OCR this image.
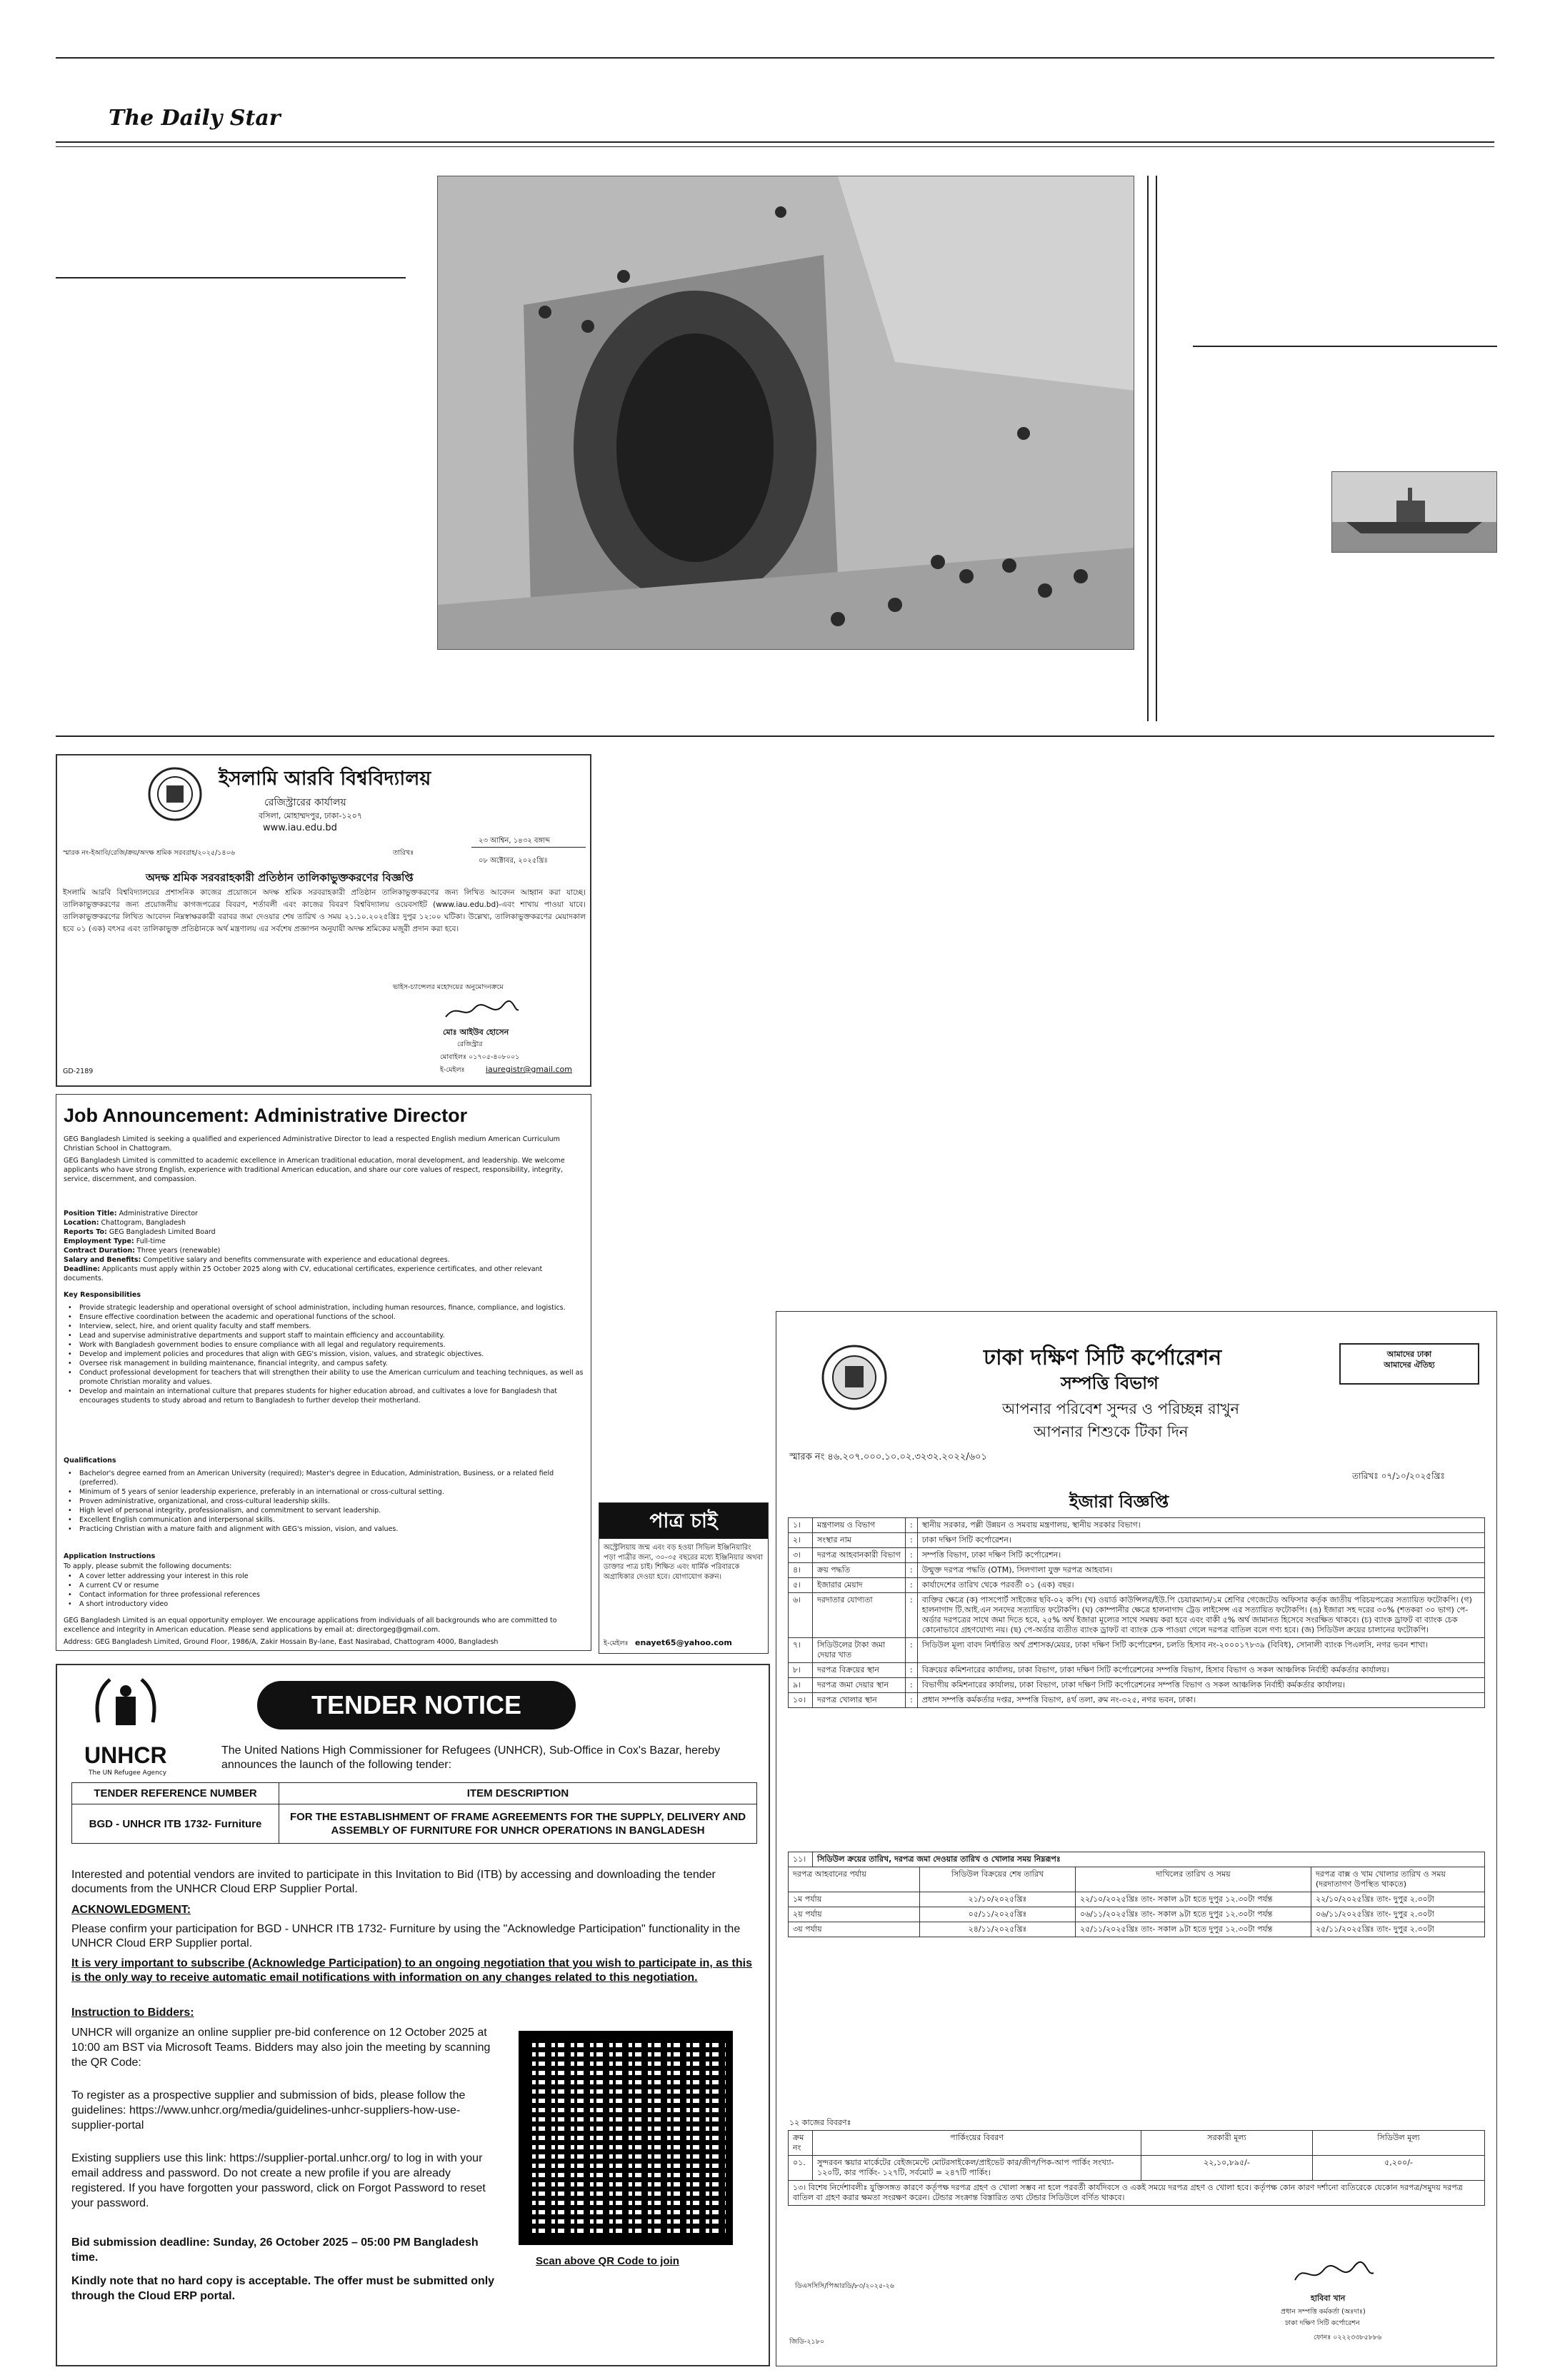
The Daily Star
ইসলামি আরবি বিশ্ববিদ্যালয়
রেজিস্ট্রারের কার্যালয়
বসিলা, মোহাম্মদপুর, ঢাকা-১২০৭
www.iau.edu.bd
২৩ আশ্বিন, ১৪৩২ বঙ্গাব্দ
স্মারক নং-ইআবি/রেজি/ক্রয়/অদক্ষ শ্রমিক সরবরাহ/২০২৫/১৪০৬	তারিখঃ
০৮ অক্টোবর, ২০২৫খ্রিঃ
অদক্ষ শ্রমিক সরবরাহকারী প্রতিষ্ঠান তালিকাভুক্তকরণের বিজ্ঞপ্তি
ইসলামি আরবি বিশ্ববিদ্যালয়ের প্রশাসনিক কাজের প্রয়োজনে অদক্ষ শ্রমিক সরবরাহকারী প্রতিষ্ঠান তালিকাভুক্তকরণের জন্য লিখিত আবেদন আহ্বান করা যাচ্ছে। তালিকাভুক্তকরণের জন্য প্রয়োজনীয় কাগজপত্রের বিবরণ, শর্তাবলী এবং কাজের বিবরণ বিশ্ববিদ্যালয় ওয়েবসাইট (www.iau.edu.bd)-এবং শাখায় পাওয়া যাবে। তালিকাভুক্তকরণের লিখিত আবেদন নিম্নস্বাক্ষরকারী বরাবর জমা দেওয়ার শেষ তারিখ ও সময় ২১.১০.২০২৫খ্রিঃ দুপুর ১২:০০ ঘটিকা। উল্লেখ্য, তালিকাভুক্তকরণের মেয়াদকাল হবে ০১ (এক) বৎসর এবং তালিকাভুক্ত প্রতিষ্ঠানকে অর্থ মন্ত্রণালয় এর সর্বশেষ প্রজ্ঞাপন অনুযায়ী অদক্ষ শ্রমিকের মজুরী প্রদান করা হবে।
ভাইস-চ্যান্সেলর মহোদয়ের অনুমোদনক্রমে
মোঃ আইউব হোসেন
রেজিস্ট্রার
মোবাইলঃ ০১৭০৫-৪০৮০০১
GD-2189	ই-মেইলঃ	iauregistr@gmail.com
Job Announcement: Administrative Director
GEG Bangladesh Limited is seeking a qualified and experienced Administrative Director to lead a respected English medium American Curriculum Christian School in Chattogram.
GEG Bangladesh Limited is committed to academic excellence in American traditional education, moral development, and leadership. We welcome applicants who have strong English, experience with traditional American education, and share our core values of respect, responsibility, integrity, service, discernment, and compassion.
Position Title: Administrative Director
Location: Chattogram, Bangladesh
Reports To: GEG Bangladesh Limited Board
Employment Type: Full-time
Contract Duration: Three years (renewable)
Salary and Benefits: Competitive salary and benefits commensurate with experience and educational degrees.
Deadline: Applicants must apply within 25 October 2025 along with CV, educational certificates, experience certificates, and other relevant documents.
Key Responsibilities
• Provide strategic leadership and operational oversight of school administration, including human resources, finance, compliance, and logistics.
• Ensure effective coordination between the academic and operational functions of the school.
• Interview, select, hire, and orient quality faculty and staff members.
• Lead and supervise administrative departments and support staff to maintain efficiency and accountability.
• Work with Bangladesh government bodies to ensure compliance with all legal and regulatory requirements.
• Develop and implement policies and procedures that align with GEG's mission, vision, values, and strategic objectives.
• Oversee risk management in building maintenance, financial integrity, and campus safety.
• Conduct professional development for teachers that will strengthen their ability to use the American curriculum and teaching techniques, as well as promote Christian morality and values.
• Develop and maintain an international culture that prepares students for higher education abroad, and cultivates a love for Bangladesh that encourages students to study abroad and return to Bangladesh to further develop their motherland.
Qualifications
• Bachelor's degree earned from an American University (required); Master's degree in Education, Administration, Business, or a related field (preferred).
• Minimum of 5 years of senior leadership experience, preferably in an international or cross-cultural setting.
• Proven administrative, organizational, and cross-cultural leadership skills.
• High level of personal integrity, professionalism, and commitment to servant leadership.
• Excellent English communication and interpersonal skills.
• Practicing Christian with a mature faith and alignment with GEG's mission, vision, and values.
Application Instructions
To apply, please submit the following documents:
• A cover letter addressing your interest in this role
• A current CV or resume
• Contact information for three professional references
• A short introductory video
GEG Bangladesh Limited is an equal opportunity employer. We encourage applications from individuals of all backgrounds who are committed to excellence and integrity in American education. Please send applications by email at: directorgeg@gmail.com.
Address: GEG Bangladesh Limited, Ground Floor, 1986/A, Zakir Hossain By-lane, East Nasirabad, Chattogram 4000, Bangladesh
পাত্র চাই
অস্ট্রেলিয়ায় জন্ম এবং বড় হওয়া সিভিল ইঞ্জিনিয়ারিং পড়া পাত্রীর জন্য, ৩০-৩৫ বছরের মধ্যে ইঞ্জিনিয়ার অথবা ডাক্তার পাত্র চাই। শিক্ষিত এবং ধার্মিক পরিবারকে অগ্রাধিকার দেওয়া হবে। যোগাযোগ করুন।
ই-মেইলঃ enayet65@yahoo.com
ঢাকা দক্ষিণ সিটি কর্পোরেশন
সম্পত্তি বিভাগ
আপনার পরিবেশ সুন্দর ও পরিচ্ছন্ন রাখুন
আপনার শিশুকে টিকা দিন
আমাদের ঢাকা
আমাদের ঐতিহ্য
স্মারক নং ৪৬.২০৭.০০০.১০.০২.৩২৩২.২০২২/৬০১
তারিখঃ ০৭/১০/২০২৫খ্রিঃ
ইজারা বিজ্ঞপ্তি
১।	মন্ত্রণালয় ও বিভাগ	:	স্থানীয় সরকার, পল্লী উন্নয়ন ও সমবায় মন্ত্রণালয়, স্থানীয় সরকার বিভাগ।
২।	সংস্থার নাম	:	ঢাকা দক্ষিণ সিটি কর্পোরেশন।
৩।	দরপত্র আহবানকারী বিভাগ	:	সম্পত্তি বিভাগ, ঢাকা দক্ষিণ সিটি কর্পোরেশন।
৪।	ক্রয় পদ্ধতি	:	উন্মুক্ত দরপত্র পদ্ধতি (OTM), সিলগালা যুক্ত দরপত্র আহবান।
৫।	ইজারার মেয়াদ	:	কার্যাদেশের তারিখ থেকে পরবর্তী ০১ (এক) বছর।
৬।	দরদাতার যোগ্যতা	:	ব্যক্তির ক্ষেত্রে (ক) পাসপোর্ট সাইজের ছবি-০২ কপি। (খ) ওয়ার্ড কাউন্সিলর/ইউ.পি চেয়ারম্যান/১ম শ্রেণির গেজেটেড অফিসার কর্তৃক জাতীয় পরিচয়পত্রের সত্যায়িত ফটোকপি। (গ) হালনাগাদ টি.আই.এন সনদের সত্যায়িত ফটোকপি। (ঘ) কোম্পানীর ক্ষেত্রে হালনাগাদ ট্রেড লাইসেন্স এর সত্যায়িত ফটোকপি। (ঙ) ইজারা সহ দরের ৩০% (শতকরা ৩০ ভাগ) পে-অর্ডার দরপত্রের সাথে জমা দিতে হবে, ২৫% অর্থ ইজারা মূল্যের সাথে সমন্বয় করা হবে এবং বাকী ৫% অর্থ জামানত হিসেবে সংরক্ষিত থাকবে। (চ) ব্যাংক ড্রাফট বা ব্যাংক চেক কোনোভাবে গ্রহণযোগ্য নয়। (ছ) পে-অর্ডার ব্যতীত ব্যাংক ড্রাফট বা ব্যাংক চেক পাওয়া গেলে দরপত্র বাতিল বলে গণ্য হবে। (জ) সিডিউল ক্রয়ের চালানের ফটোকপি।
৭।	সিডিউলের টাকা জমা দেয়ার খাত	:	সিডিউল মূল্য বাবদ নির্ধারিত অর্থ প্রশাসক/মেয়র, ঢাকা দক্ষিণ সিটি কর্পোরেশন, চলতি হিসাব নং-২০০০১৭৮৩৯ (বিবিধ), সোনালী ব্যাংক পিএলসি, নগর ভবন শাখা।
৮।	দরপত্র বিক্রয়ের স্থান	:	বিক্রয়ের কমিশনারের কার্যালয়, ঢাকা বিভাগ, ঢাকা দক্ষিণ সিটি কর্পোরেশনের সম্পত্তি বিভাগ, হিসাব বিভাগ ও সকল আঞ্চলিক নির্বাহী কর্মকর্তার কার্যালয়।
৯।	দরপত্র জমা দেয়ার স্থান	:	বিভাগীয় কমিশনারের কার্যালয়, ঢাকা বিভাগ, ঢাকা দক্ষিণ সিটি কর্পোরেশনের সম্পত্তি বিভাগ ও সকল আঞ্চলিক নির্বাহী কর্মকর্তার কার্যালয়।
১০।	দরপত্র খোলার স্থান	:	প্রধান সম্পত্তি কর্মকর্তার দপ্তর, সম্পত্তি বিভাগ, ৪র্থ তলা, রুম নং-৩২৫, নগর ভবন, ঢাকা।
১১।	সিডিউল ক্রয়ের তারিখ, দরপত্র জমা দেওয়ার তারিখ ও খোলার সময় নিম্নরূপঃ			
দরপত্র আহবানের পর্যায়		সিডিউল বিক্রয়ের শেষ তারিখ	দাখিলের তারিখ ও সময়	দরপত্র বাক্স ও খাম খোলার তারিখ ও সময় (দরদাতাগণ উপস্থিত থাকতে)
১ম পর্যায়		২১/১০/২০২৫খ্রিঃ	২২/১০/২০২৫খ্রিঃ তাং- সকাল ৯টা হতে দুপুর ১২.৩০টা পর্যন্ত	২২/১০/২০২৫খ্রিঃ তাং- দুপুর ২.৩০টা
২য় পর্যায়		০৫/১১/২০২৫খ্রিঃ	০৬/১১/২০২৫খ্রিঃ তাং- সকাল ৯টা হতে দুপুর ১২.৩০টা পর্যন্ত	০৬/১১/২০২৫খ্রিঃ তাং- দুপুর ২.৩০টা
৩য় পর্যায়		২৪/১১/২০২৫খ্রিঃ	২৫/১১/২০২৫খ্রিঃ তাং- সকাল ৯টা হতে দুপুর ১২.৩০টা পর্যন্ত	২৫/১১/২০২৫খ্রিঃ তাং- দুপুর ২.৩০টা
১২ কাজের বিবরণঃ
ক্রম নং	পার্কিংয়ের বিবরণ	সরকারী মূল্য	সিডিউল মূল্য
০১.	সুন্দরবন স্কয়ার মার্কেটের বেইজমেন্টে মোটরসাইকেল/প্রাইভেট কার/জীপ/পিক-আপ পার্কিং সংখ্যা- ১২০টি, কার পার্কিং- ১২৭টি, সর্বমোট = ২৪৭টি পার্কিং।	২২,১০,৮৯৫/-	৫,২০০/-
১৩। বিশেষ নির্দেশাবলীঃ যুক্তিসঙ্গত কারণে কর্তৃপক্ষ দরপত্র গ্রহণ ও খোলা সম্ভব না হলে পরবর্তী কার্যদিবসে ও একই সময়ে দরপত্র গ্রহণ ও খোলা হবে। কর্তৃপক্ষ কোন কারণ দর্শানো ব্যতিরেকে যেকোন দরপত্র/সমুদয় দরপত্র বাতিল বা গ্রহণ করার ক্ষমতা সংরক্ষণ করেন। টেন্ডার সংক্রান্ত বিস্তারিত তথ্য টেন্ডার সিডিউলে বর্ণিত থাকবে।			
ডিএসসিসি/পিআরডি/৮৩/২০২৫-২৬
হাবিবা খান
প্রধান সম্পত্তি কর্মকর্তা (অঃদাঃ)
ঢাকা দক্ষিণ সিটি কর্পোরেশন
জিডি-২১৮০
ফোনঃ ০২২২৩৩৮৫৮৮৬
UNHCR
The UN Refugee Agency
TENDER NOTICE
The United Nations High Commissioner for Refugees (UNHCR), Sub-Office in Cox's Bazar, hereby announces the launch of the following tender:
TENDER REFERENCE NUMBER	ITEM DESCRIPTION
BGD - UNHCR ITB 1732- Furniture	FOR THE ESTABLISHMENT OF FRAME AGREEMENTS FOR THE SUPPLY, DELIVERY AND ASSEMBLY OF FURNITURE FOR UNHCR OPERATIONS IN BANGLADESH
Interested and potential vendors are invited to participate in this Invitation to Bid (ITB) by accessing and downloading the tender documents from the UNHCR Cloud ERP Supplier Portal.
ACKNOWLEDGMENT:
Please confirm your participation for BGD - UNHCR ITB 1732- Furniture by using the "Acknowledge Participation" functionality in the UNHCR Cloud ERP Supplier portal.
It is very important to subscribe (Acknowledge Participation) to an ongoing negotiation that you wish to participate in, as this is the only way to receive automatic email notifications with information on any changes related to this negotiation.
Instruction to Bidders:
UNHCR will organize an online supplier pre-bid conference on 12 October 2025 at 10:00 am BST via Microsoft Teams. Bidders may also join the meeting by scanning the QR Code:
To register as a prospective supplier and submission of bids, please follow the guidelines: https://www.unhcr.org/media/guidelines-unhcr-suppliers-how-use-supplier-portal
Existing suppliers use this link: https://supplier-portal.unhcr.org/ to log in with your email address and password. Do not create a new profile if you are already registered. If you have forgotten your password, click on Forgot Password to reset your password.
Bid submission deadline: Sunday, 26 October 2025 – 05:00 PM Bangladesh time.
Kindly note that no hard copy is acceptable. The offer must be submitted only through the Cloud ERP portal.
Scan above QR Code to join
